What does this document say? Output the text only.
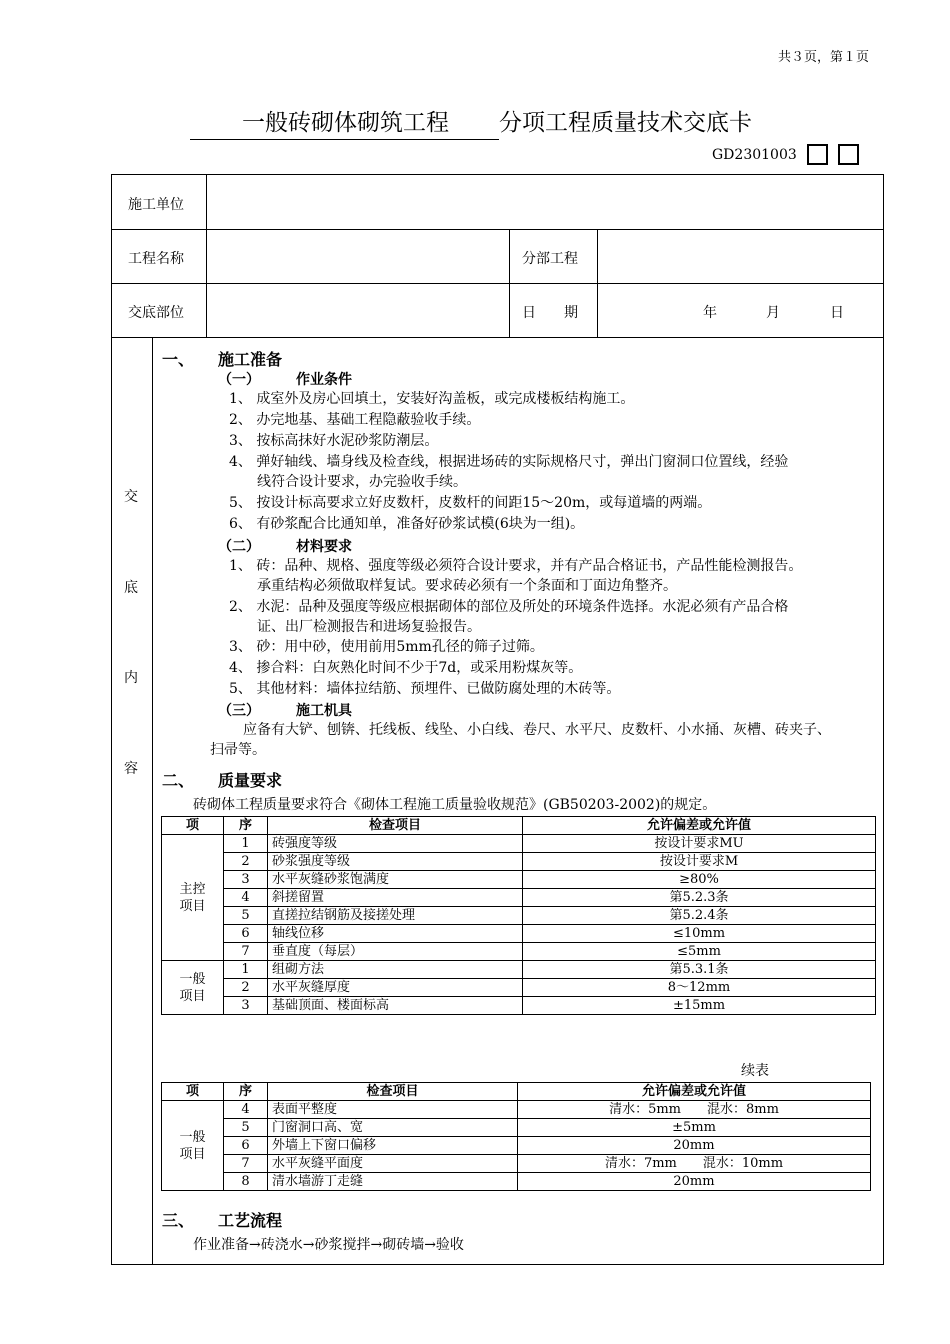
共３页，第１页
一般砖砌体砌筑工程 分项工程质量技术交底卡
GD2301003
施工单位
工程名称	分部工程
交底部位	日　　期	年	月	日
交
底
内
容
一、 施工准备
（一）	作业条件
1、 成室外及房心回填土，安装好沟盖板，或完成楼板结构施工。
2、 办完地基、基础工程隐蔽验收手续。
3、 按标高抹好水泥砂浆防潮层。
4、 弹好轴线、墙身线及检查线，根据进场砖的实际规格尺寸，弹出门窗洞口位置线，经验
线符合设计要求，办完验收手续。
5、 按设计标高要求立好皮数杆，皮数杆的间距15～20m，或每道墙的两端。
6、 有砂浆配合比通知单，准备好砂浆试模(6块为一组)。
（二）	材料要求
1、 砖：品种、规格、强度等级必须符合设计要求，并有产品合格证书，产品性能检测报告。
承重结构必须做取样复试。要求砖必须有一个条面和丁面边角整齐。
2、 水泥：品种及强度等级应根据砌体的部位及所处的环境条件选择。水泥必须有产品合格
证、出厂检测报告和进场复验报告。
3、 砂：用中砂，使用前用5mm孔径的筛子过筛。
4、 掺合料：白灰熟化时间不少于7d，或采用粉煤灰等。
5、 其他材料：墙体拉结筋、预埋件、已做防腐处理的木砖等。
（三）	施工机具
应备有大铲、刨锛、托线板、线坠、小白线、卷尺、水平尺、皮数杆、小水捅、灰槽、砖夹子、
扫帚等。
二、 质量要求
砖砌体工程质量要求符合《砌体工程施工质量验收规范》(GB50203-2002)的规定。
项	序	检查项目	允许偏差或允许值
主控项目	1	砖强度等级	按设计要求MU
	2	砂浆强度等级	按设计要求M
	3	水平灰缝砂浆饱满度	≥80%
	4	斜搓留置	第5.2.3条
	5	直搓拉结钢筋及接搓处理	第5.2.4条
	6	轴线位移	≤10mm
	7	垂直度（每层）	≤5mm
一般项目	1	组砌方法	第5.3.1条
	2	水平灰缝厚度	8～12mm
	3	基础顶面、楼面标高	±15mm
续表
项	序	检查项目	允许偏差或允许值
一般项目	4	表面平整度	清水：5mm　　混水：8mm
	5	门窗洞口高、宽	±5mm
	6	外墙上下窗口偏移	20mm
	7	水平灰缝平面度	清水：7mm　　混水：10mm
	8	清水墙游丁走缝	20mm
三、 工艺流程
作业准备→砖浇水→砂浆搅拌→砌砖墙→验收
